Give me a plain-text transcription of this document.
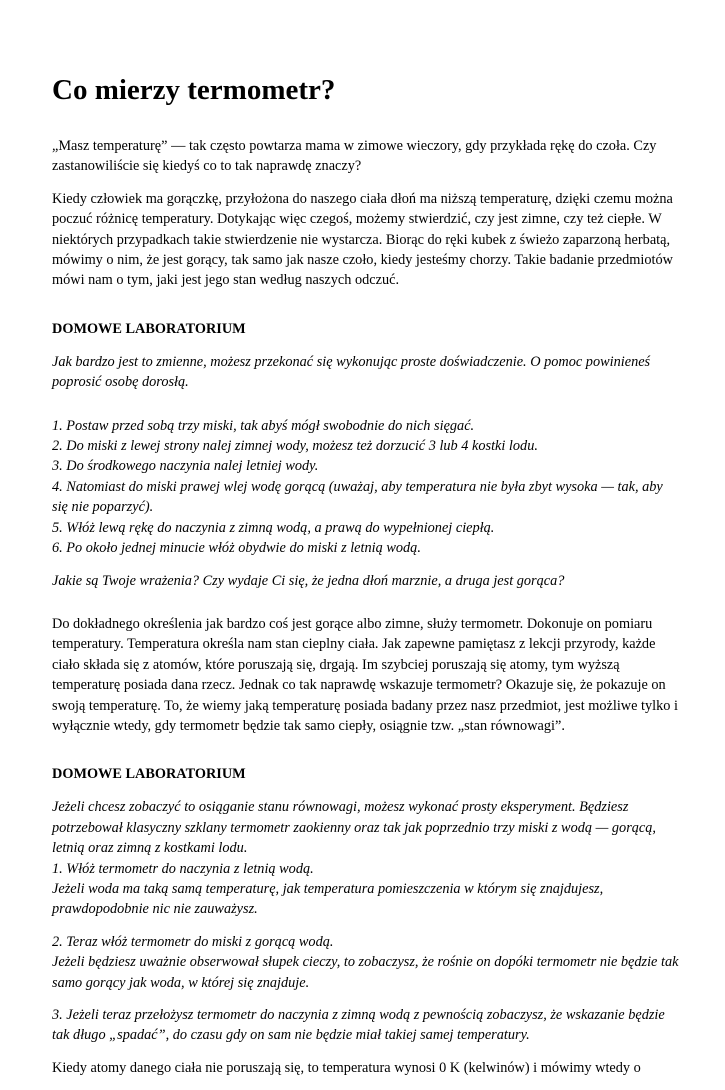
Co mierzy termometr?

„Masz temperaturę” — tak często powtarza mama w zimowe wieczory, gdy przykłada rękę do czoła. Czy zastanowiliście się kiedyś co to tak naprawdę znaczy?

Kiedy człowiek ma gorączkę, przyłożona do naszego ciała dłoń ma niższą temperaturę, dzięki czemu można poczuć różnicę temperatury. Dotykając więc czegoś, możemy stwierdzić, czy jest zimne, czy też ciepłe. W niektórych przypadkach takie stwierdzenie nie wystarcza. Biorąc do ręki kubek z świeżo zaparzoną herbatą, mówimy o nim, że jest gorący, tak samo jak nasze czoło, kiedy jesteśmy chorzy. Takie badanie przedmiotów mówi nam o tym, jaki jest jego stan według naszych odczuć.

DOMOWE LABORATORIUM

Jak bardzo jest to zmienne, możesz przekonać się wykonując proste doświadczenie. O pomoc powinieneś poprosić osobę dorosłą.

1. Postaw przed sobą trzy miski, tak abyś mógł swobodnie do nich sięgać.

2. Do miski z lewej strony nalej zimnej wody, możesz też dorzucić 3 lub 4 kostki lodu.

3. Do środkowego naczynia nalej letniej wody.

4. Natomiast do miski prawej wlej wodę gorącą (uważaj, aby temperatura nie była zbyt wysoka — tak, aby się nie poparzyć).

5. Włóż lewą rękę do naczynia z zimną wodą, a prawą do wypełnionej ciepłą.

6. Po około jednej minucie włóż obydwie do miski z letnią wodą.

Jakie są Twoje wrażenia? Czy wydaje Ci się, że jedna dłoń marznie, a druga jest gorąca?

Do dokładnego określenia jak bardzo coś jest gorące albo zimne, służy termometr. Dokonuje on pomiaru temperatury. Temperatura określa nam stan cieplny ciała. Jak zapewne pamiętasz z lekcji przyrody, każde ciało składa się z atomów, które poruszają się, drgają. Im szybciej poruszają się atomy, tym wyższą temperaturę posiada dana rzecz. Jednak co tak naprawdę wskazuje termometr? Okazuje się, że pokazuje on swoją temperaturę. To, że wiemy jaką temperaturę posiada badany przez nasz przedmiot, jest możliwe tylko i wyłącznie wtedy, gdy termometr będzie tak samo ciepły, osiągnie tzw. „stan równowagi”.

DOMOWE LABORATORIUM

Jeżeli chcesz zobaczyć to osiąganie stanu równowagi, możesz wykonać prosty eksperyment. Będziesz potrzebował klasyczny szklany termometr zaokienny oraz tak jak poprzednio trzy miski z wodą — gorącą, letnią oraz zimną z kostkami lodu.

1. Włóż termometr do naczynia z letnią wodą.

Jeżeli woda ma taką samą temperaturę, jak temperatura pomieszczenia w którym się znajdujesz, prawdopodobnie nic nie zauważysz.

2. Teraz włóż termometr do miski z gorącą wodą.

Jeżeli będziesz uważnie obserwował słupek cieczy, to zobaczysz, że rośnie on dopóki termometr nie będzie tak samo gorący jak woda, w której się znajduje.

3. Jeżeli teraz przełożysz termometr do naczynia z zimną wodą z pewnością zobaczysz, że wskazanie będzie tak długo „spadać”, do czasu gdy on sam nie będzie miał takiej samej temperatury.

Kiedy atomy danego ciała nie poruszają się, to temperatura wynosi 0 K (kelwinów) i mówimy wtedy o
